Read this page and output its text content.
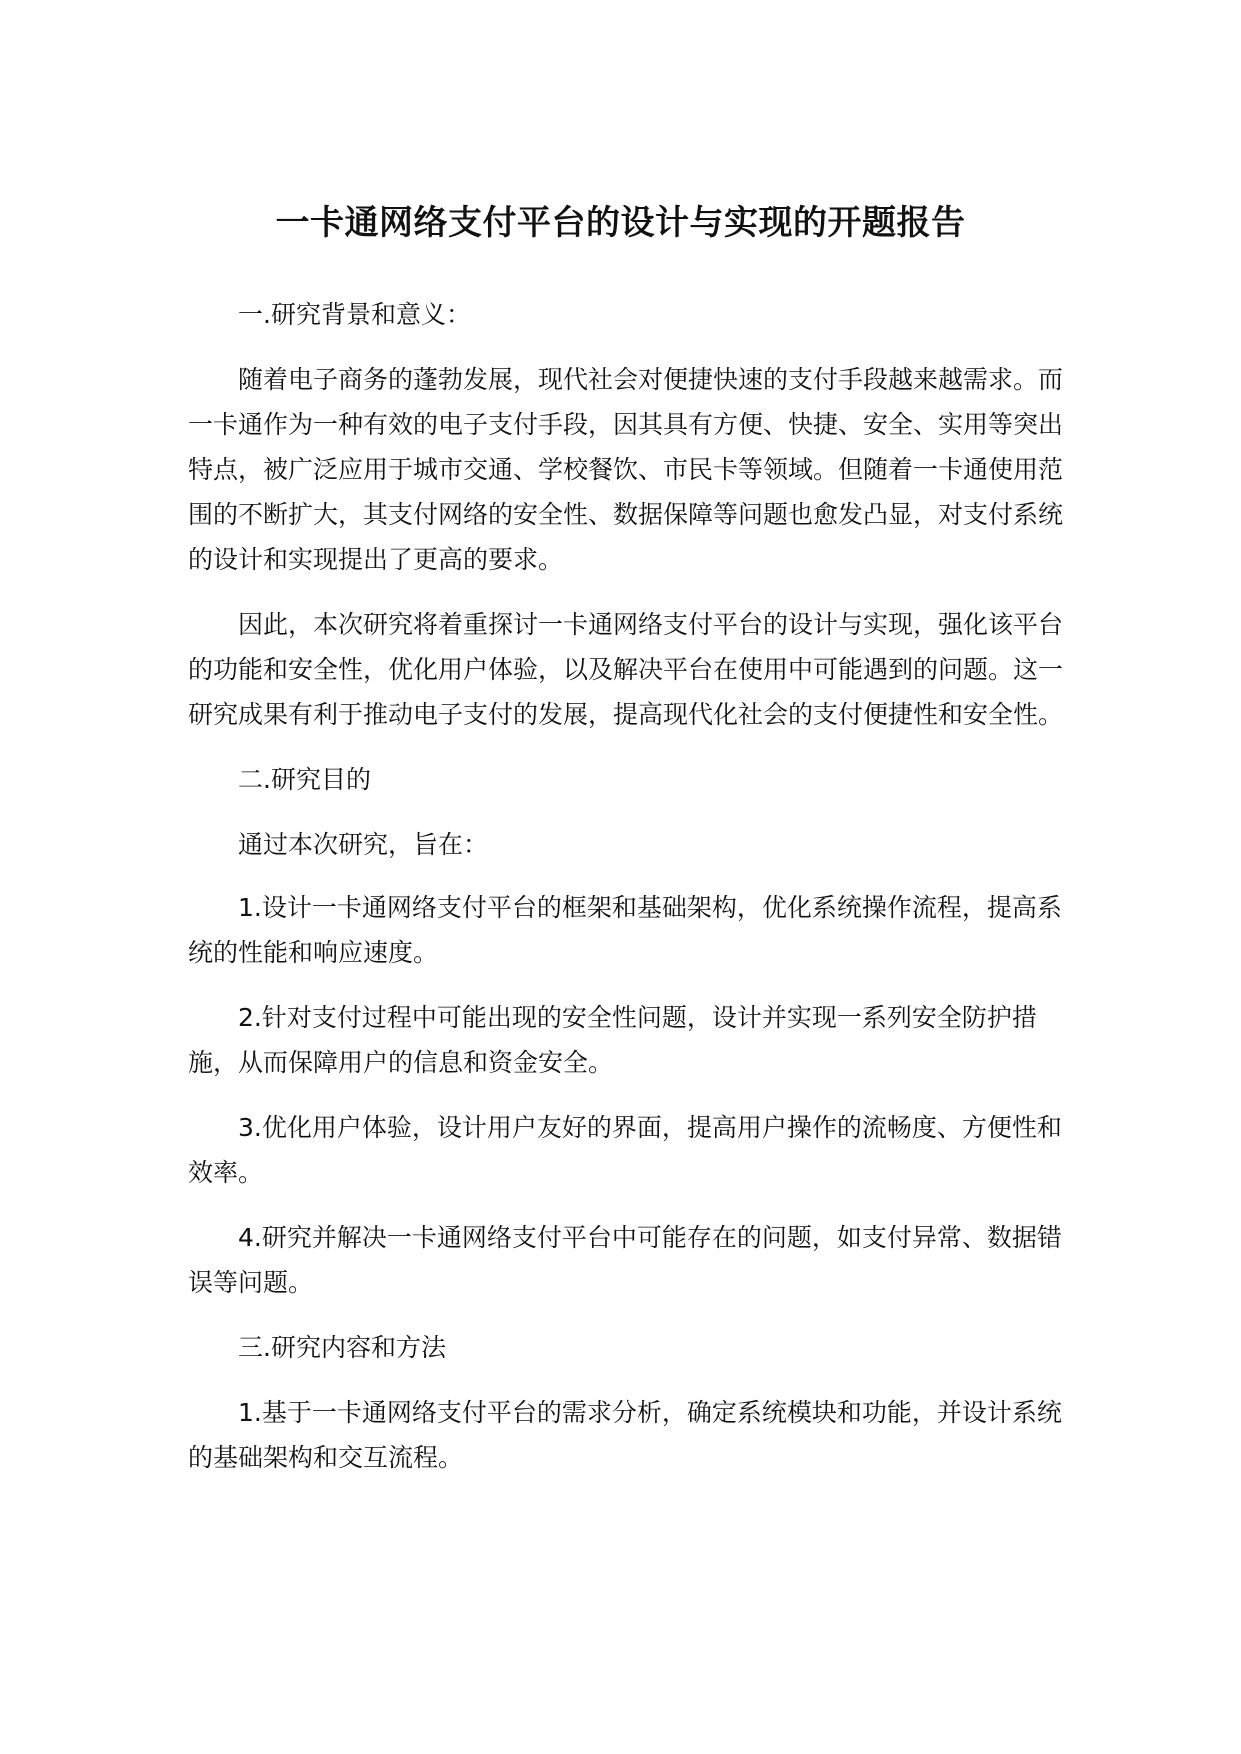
一卡通网络支付平台的设计与实现的开题报告

一.研究背景和意义：

随着电子商务的蓬勃发展，现代社会对便捷快速的支付手段越来越需求。而一卡通作为一种有效的电子支付手段，因其具有方便、快捷、安全、实用等突出特点，被广泛应用于城市交通、学校餐饮、市民卡等领域。但随着一卡通使用范围的不断扩大，其支付网络的安全性、数据保障等问题也愈发凸显，对支付系统的设计和实现提出了更高的要求。

因此，本次研究将着重探讨一卡通网络支付平台的设计与实现，强化该平台的功能和安全性，优化用户体验，以及解决平台在使用中可能遇到的问题。这一研究成果有利于推动电子支付的发展，提高现代化社会的支付便捷性和安全性。

二.研究目的

通过本次研究，旨在：

1.设计一卡通网络支付平台的框架和基础架构，优化系统操作流程，提高系统的性能和响应速度。

2.针对支付过程中可能出现的安全性问题，设计并实现一系列安全防护措施，从而保障用户的信息和资金安全。

3.优化用户体验，设计用户友好的界面，提高用户操作的流畅度、方便性和效率。

4.研究并解决一卡通网络支付平台中可能存在的问题，如支付异常、数据错误等问题。

三.研究内容和方法

1.基于一卡通网络支付平台的需求分析，确定系统模块和功能，并设计系统的基础架构和交互流程。
